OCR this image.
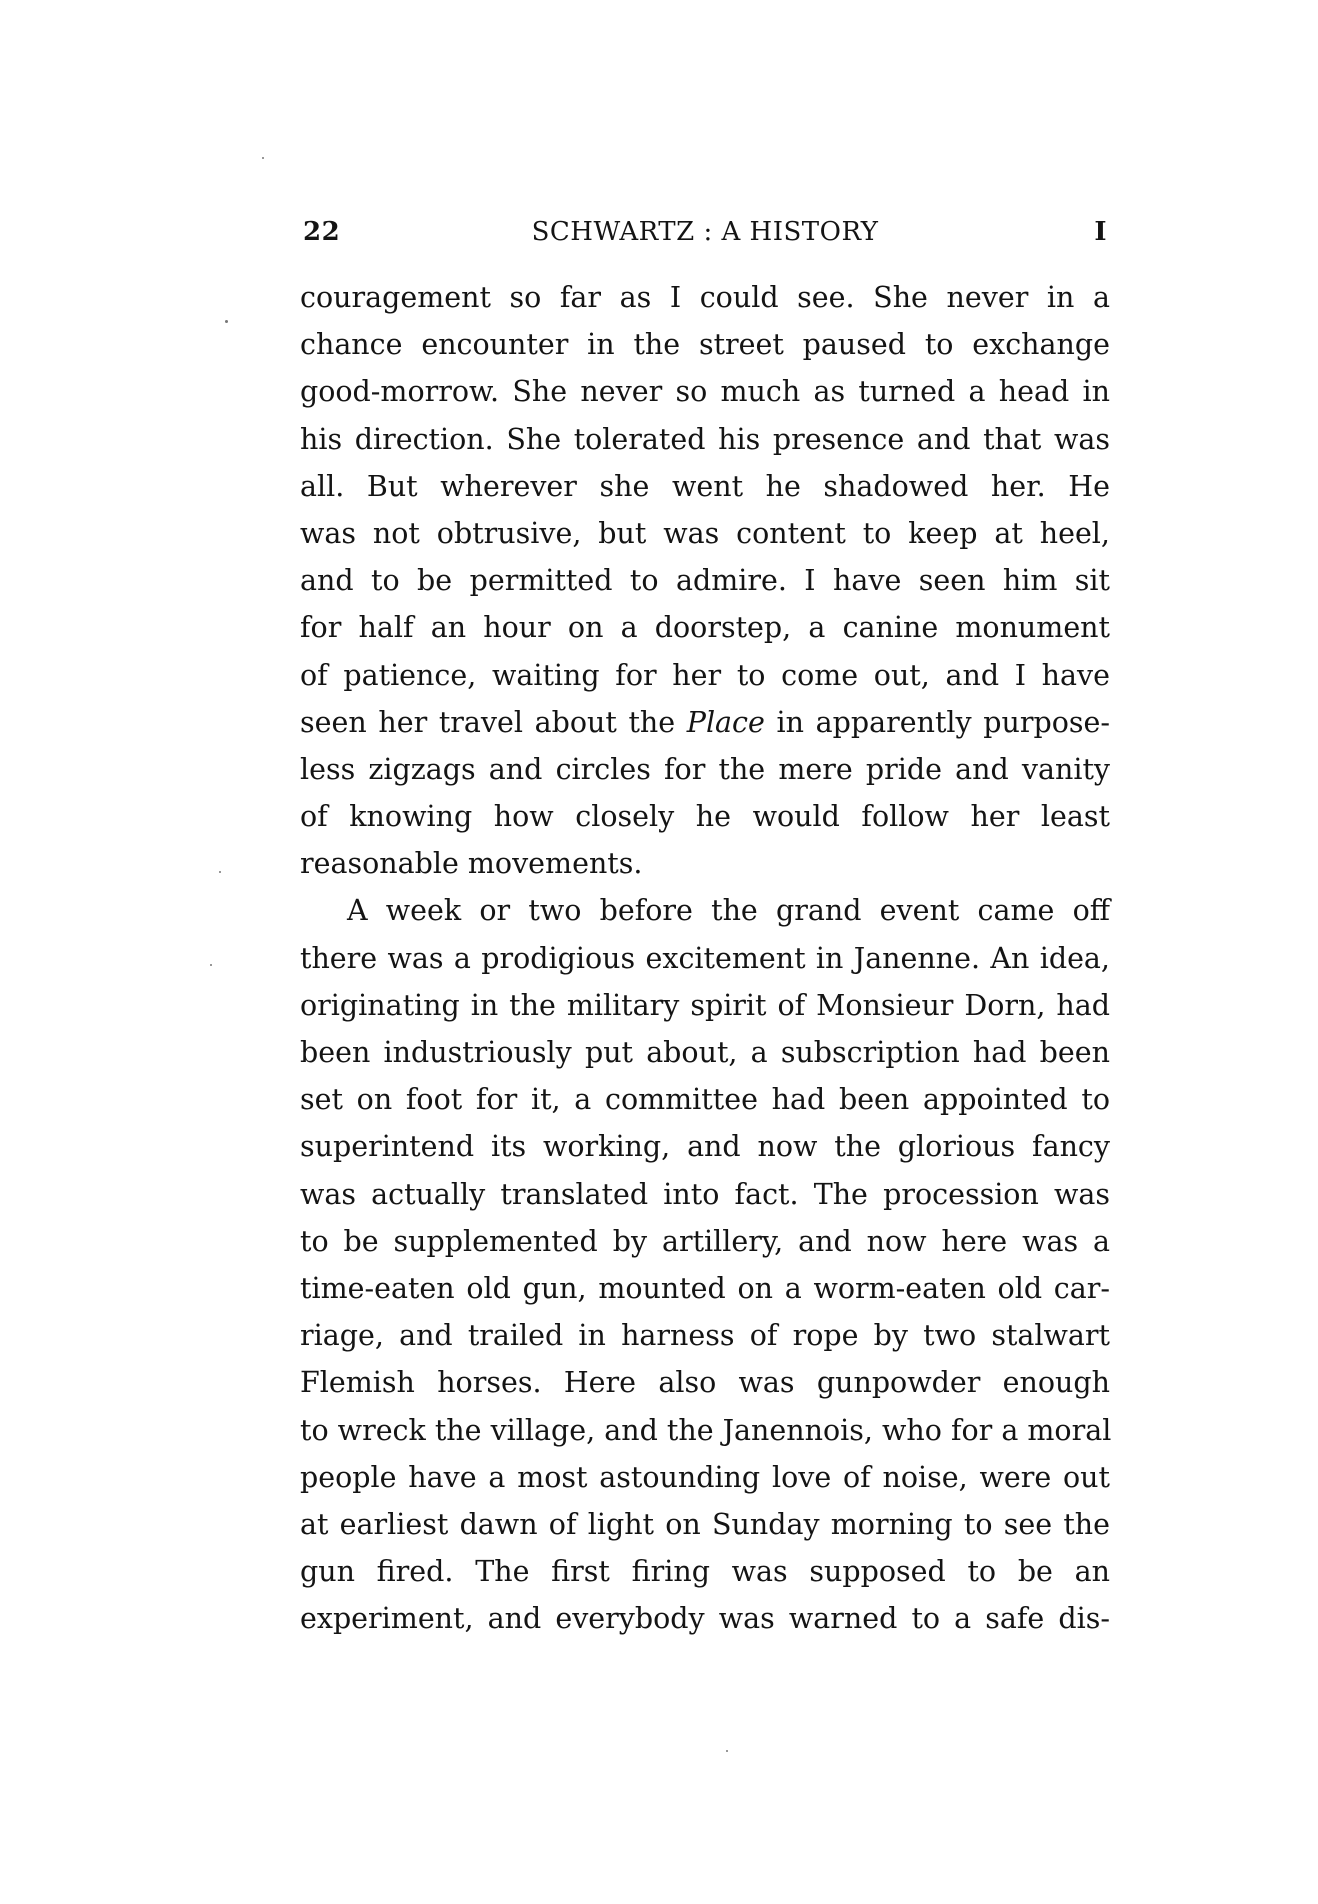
22	SCHWARTZ : A HISTORY	I
couragement so far as I could see. She never in a
chance encounter in the street paused to exchange
good-morrow. She never so much as turned a head in
his direction. She tolerated his presence and that was
all. But wherever she went he shadowed her. He
was not obtrusive, but was content to keep at heel,
and to be permitted to admire. I have seen him sit
for half an hour on a doorstep, a canine monument
of patience, waiting for her to come out, and I have
seen her travel about the Place in apparently purpose-
less zigzags and circles for the mere pride and vanity
of knowing how closely he would follow her least
reasonable movements.
A week or two before the grand event came off
there was a prodigious excitement in Janenne. An idea,
originating in the military spirit of Monsieur Dorn, had
been industriously put about, a subscription had been
set on foot for it, a committee had been appointed to
superintend its working, and now the glorious fancy
was actually translated into fact. The procession was
to be supplemented by artillery, and now here was a
time-eaten old gun, mounted on a worm-eaten old car-
riage, and trailed in harness of rope by two stalwart
Flemish horses. Here also was gunpowder enough
to wreck the village, and the Janennois, who for a moral
people have a most astounding love of noise, were out
at earliest dawn of light on Sunday morning to see the
gun fired. The first firing was supposed to be an
experiment, and everybody was warned to a safe dis-
